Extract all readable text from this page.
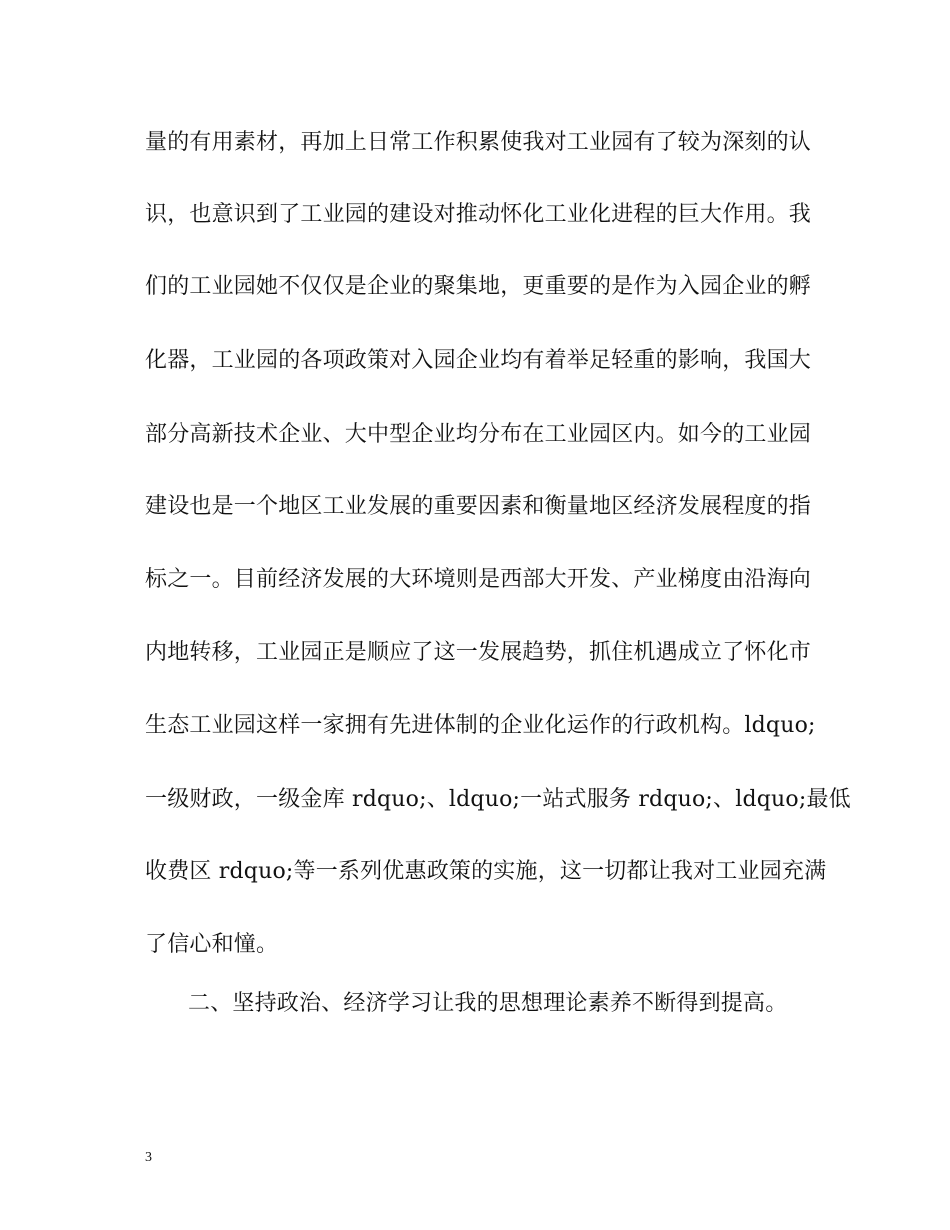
量的有用素材，再加上日常工作积累使我对工业园有了较为深刻的认
识，也意识到了工业园的建设对推动怀化工业化进程的巨大作用。我
们的工业园她不仅仅是企业的聚集地，更重要的是作为入园企业的孵
化器，工业园的各项政策对入园企业均有着举足轻重的影响，我国大
部分高新技术企业、大中型企业均分布在工业园区内。如今的工业园
建设也是一个地区工业发展的重要因素和衡量地区经济发展程度的指
标之一。目前经济发展的大环境则是西部大开发、产业梯度由沿海向
内地转移，工业园正是顺应了这一发展趋势，抓住机遇成立了怀化市
生态工业园这样一家拥有先进体制的企业化运作的行政机构。ldquo;
一级财政，一级金库 rdquo;、ldquo;一站式服务 rdquo;、ldquo;最低
收费区 rdquo;等一系列优惠政策的实施，这一切都让我对工业园充满
了信心和憧。
二、坚持政治、经济学习让我的思想理论素养不断得到提高。
3
